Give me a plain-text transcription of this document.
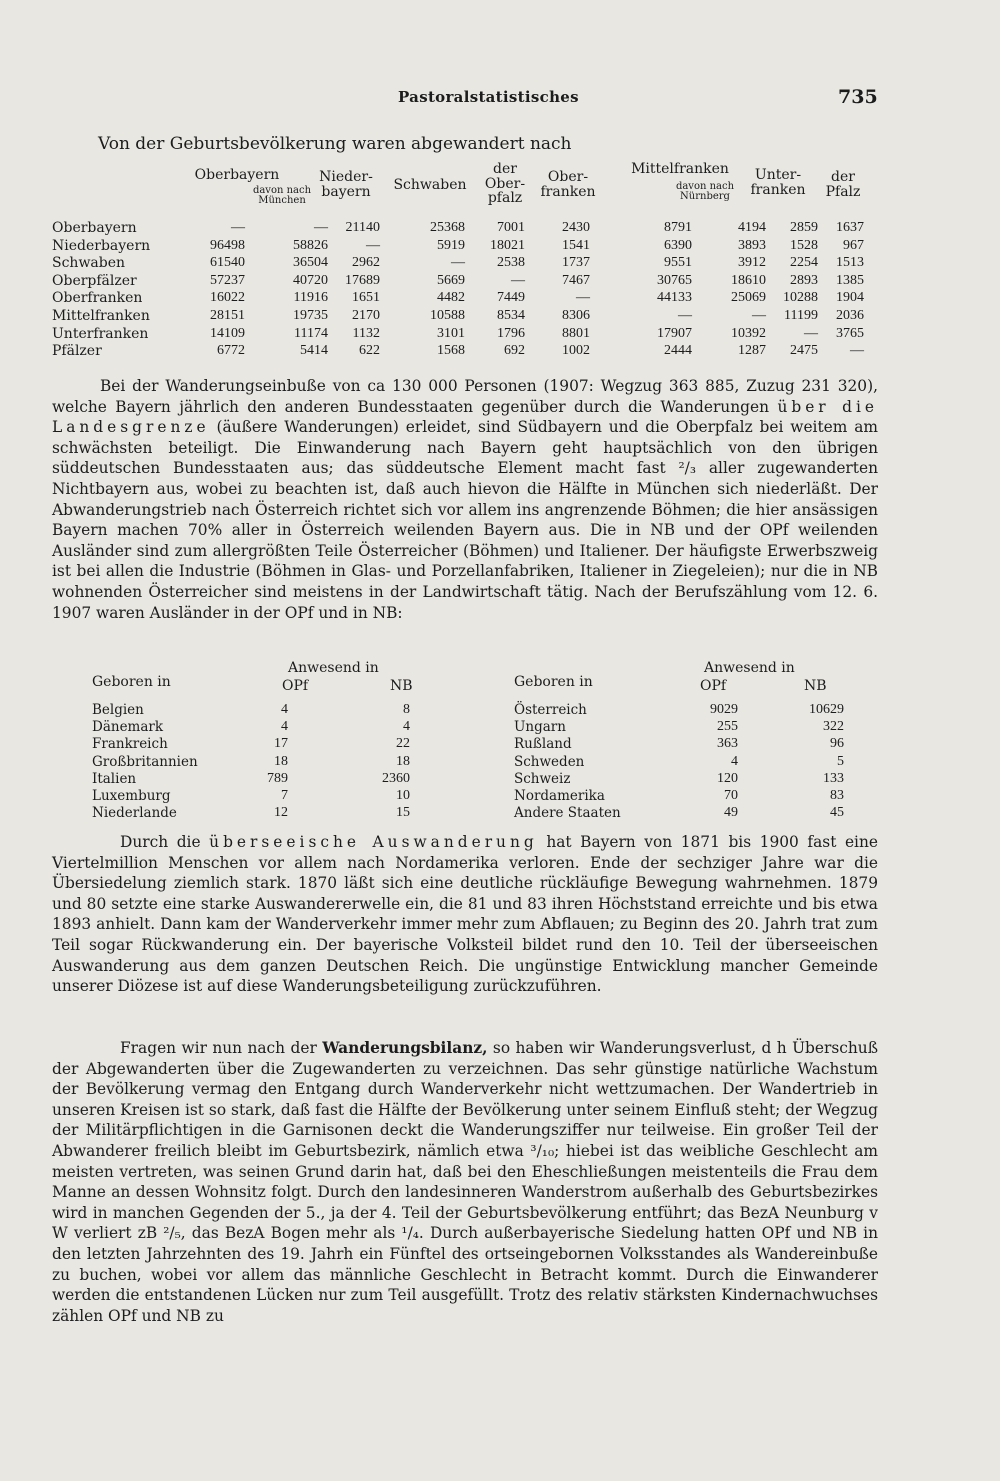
Pastoralstatistisches	735
Von der Geburtsbevölkerung waren abgewandert nach
Oberbayern
davon nach München
Nieder-bayern	Schwaben
der Ober-pfalz
Ober-franken
Mittelfranken
davon nach Nürnberg
Unter-franken
der Pfalz
Oberbayern	—	—	21140	25368	7001	2430	8791	4194	2859	1637
Niederbayern	96498	58826	—	5919	18021	1541	6390	3893	1528	967
Schwaben	61540	36504	2962	—	2538	1737	9551	3912	2254	1513
Oberpfälzer	57237	40720	17689	5669	—	7467	30765	18610	2893	1385
Oberfranken	16022	11916	1651	4482	7449	—	44133	25069	10288	1904
Mittelfranken	28151	19735	2170	10588	8534	8306	—	—	11199	2036
Unterfranken	14109	11174	1132	3101	1796	8801	17907	10392	—	3765
Pfälzer	6772	5414	622	1568	692	1002	2444	1287	2475	—
Bei der Wanderungseinbuße von ca 130 000 Personen (1907: Wegzug 363 885, Zuzug 231 320), welche Bayern jährlich den anderen Bundesstaaten gegenüber durch die Wanderungen über die Landesgrenze (äußere Wanderungen) erleidet, sind Südbayern und die Oberpfalz bei weitem am schwächsten beteiligt. Die Einwanderung nach Bayern geht hauptsächlich von den übrigen süddeutschen Bundesstaaten aus; das süddeutsche Element macht fast ²/₃ aller zugewanderten Nichtbayern aus, wobei zu beachten ist, daß auch hievon die Hälfte in München sich niederläßt. Der Abwanderungstrieb nach Österreich richtet sich vor allem ins angrenzende Böhmen; die hier ansässigen Bayern machen 70% aller in Österreich weilenden Bayern aus. Die in NB und der OPf weilenden Ausländer sind zum allergrößten Teile Österreicher (Böhmen) und Italiener. Der häufigste Erwerbszweig ist bei allen die Industrie (Böhmen in Glas- und Porzellanfabriken, Italiener in Ziegeleien); nur die in NB wohnenden Österreicher sind meistens in der Landwirtschaft tätig. Nach der Berufszählung vom 12. 6. 1907 waren Ausländer in der OPf und in NB:
Geboren in
Anwesend in
OPf	NB
Belgien	4	8
Dänemark	4	4
Frankreich	17	22
Großbritannien	18	18
Italien	789	2360
Luxemburg	7	10
Niederlande	12	15
Geboren in
Anwesend in
OPf	NB
Österreich	9029	10629
Ungarn	255	322
Rußland	363	96
Schweden	4	5
Schweiz	120	133
Nordamerika	70	83
Andere Staaten	49	45
Durch die überseeische Auswanderung hat Bayern von 1871 bis 1900 fast eine Viertelmillion Menschen vor allem nach Nordamerika verloren. Ende der sechziger Jahre war die Übersiedelung ziemlich stark. 1870 läßt sich eine deutliche rückläufige Bewegung wahrnehmen. 1879 und 80 setzte eine starke Auswandererwelle ein, die 81 und 83 ihren Höchststand erreichte und bis etwa 1893 anhielt. Dann kam der Wanderverkehr immer mehr zum Abflauen; zu Beginn des 20. Jahrh trat zum Teil sogar Rückwanderung ein. Der bayerische Volksteil bildet rund den 10. Teil der überseeischen Auswanderung aus dem ganzen Deutschen Reich. Die ungünstige Entwicklung mancher Gemeinde unserer Diözese ist auf diese Wanderungsbeteiligung zurückzuführen.
Fragen wir nun nach der Wanderungsbilanz, so haben wir Wanderungsverlust, d h Überschuß der Abgewanderten über die Zugewanderten zu verzeichnen. Das sehr günstige natürliche Wachstum der Bevölkerung vermag den Entgang durch Wanderverkehr nicht wettzumachen. Der Wandertrieb in unseren Kreisen ist so stark, daß fast die Hälfte der Bevölkerung unter seinem Einfluß steht; der Wegzug der Militärpflichtigen in die Garnisonen deckt die Wanderungsziffer nur teilweise. Ein großer Teil der Abwanderer freilich bleibt im Geburtsbezirk, nämlich etwa ³/₁₀; hiebei ist das weibliche Geschlecht am meisten vertreten, was seinen Grund darin hat, daß bei den Eheschließungen meistenteils die Frau dem Manne an dessen Wohnsitz folgt. Durch den landesinneren Wanderstrom außerhalb des Geburtsbezirkes wird in manchen Gegenden der 5., ja der 4. Teil der Geburtsbevölkerung entführt; das BezA Neunburg v W verliert zB ²/₅, das BezA Bogen mehr als ¹/₄. Durch außerbayerische Siedelung hatten OPf und NB in den letzten Jahrzehnten des 19. Jahrh ein Fünftel des ortseingebornen Volksstandes als Wandereinbuße zu buchen, wobei vor allem das männliche Geschlecht in Betracht kommt. Durch die Einwanderer werden die entstandenen Lücken nur zum Teil ausgefüllt. Trotz des relativ stärksten Kindernachwuchses zählen OPf und NB zu
